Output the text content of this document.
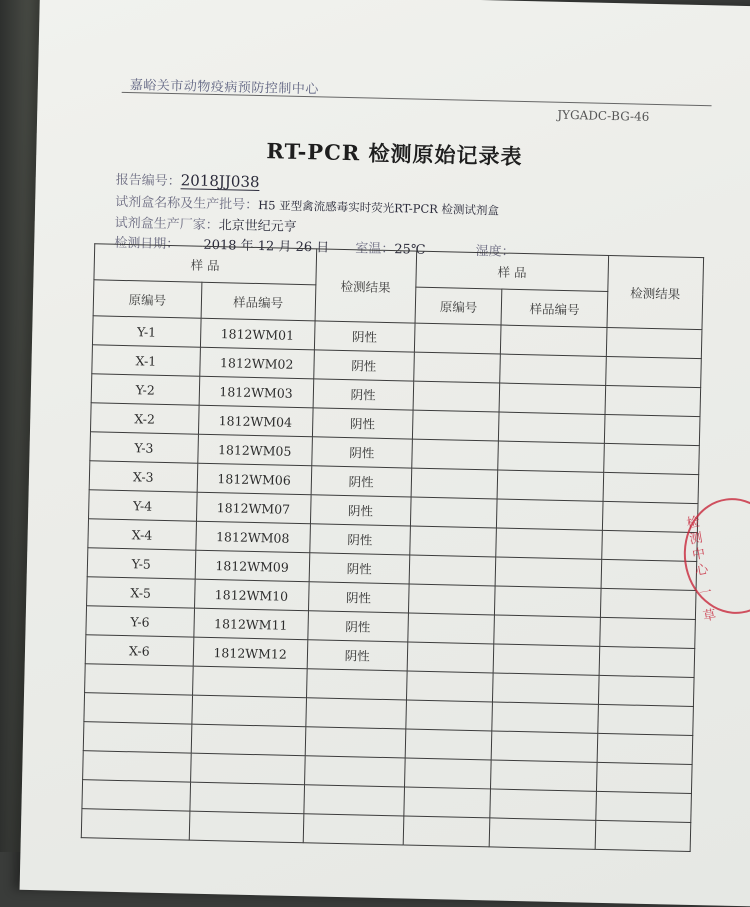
嘉峪关市动物疫病预防控制中心
JYGADC-BG-46
RT-PCR 检测原始记录表
报告编号：2018JJ038
试剂盒名称及生产批号：H5 亚型禽流感毒实时荧光RT-PCR 检测试剂盒
试剂盒生产厂家：北京世纪元亨
检测日期： 2018 年 12 月 26 日 室温：25℃	湿度：
样 品		检测结果	样 品		检测结果
原编号	样品编号		原编号	样品编号	
Y-1	1812WM01	阴性			
X-1	1812WM02	阴性			
Y-2	1812WM03	阴性			
X-2	1812WM04	阴性			
Y-3	1812WM05	阴性			
X-3	1812WM06	阴性			
Y-4	1812WM07	阴性			
X-4	1812WM08	阴性			
Y-5	1812WM09	阴性			
X-5	1812WM10	阴性			
Y-6	1812WM11	阴性			
X-6	1812WM12	阴性			

检测中心 一 草
